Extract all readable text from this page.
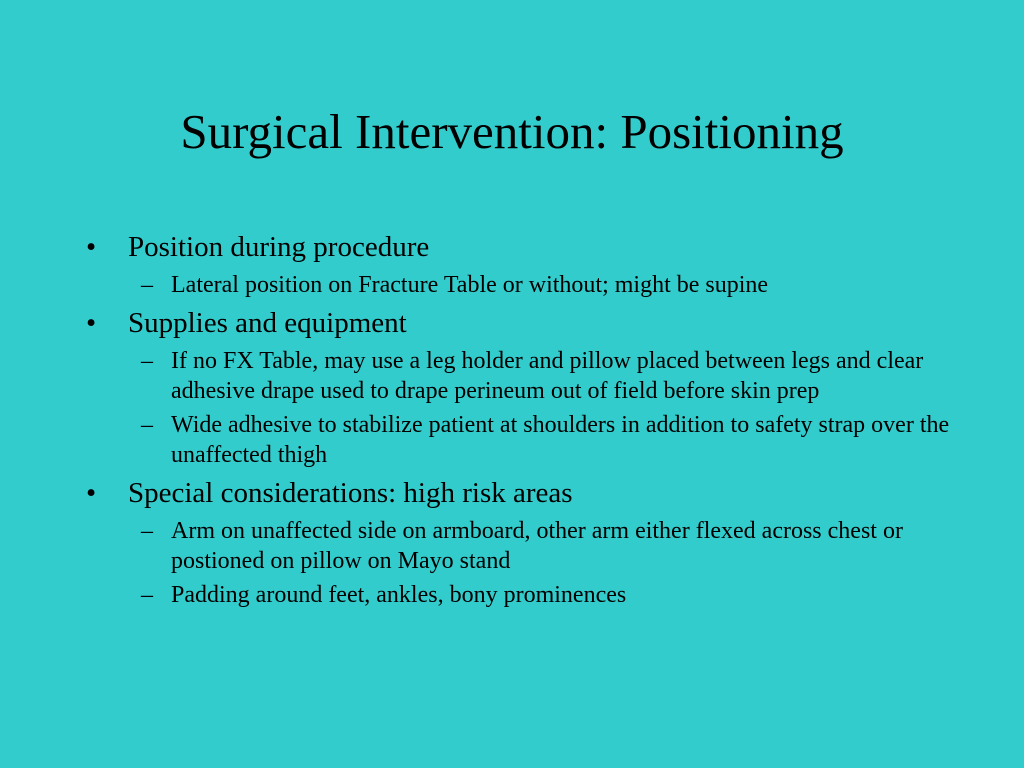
Surgical Intervention: Positioning
•	Position during procedure
– Lateral position on Fracture Table or without; might be supine
•	Supplies and equipment
– If no FX Table, may use a leg holder and pillow placed between legs and clear adhesive drape used to drape perineum out of field before skin prep
– Wide adhesive to stabilize patient at shoulders in addition to safety strap over the unaffected thigh
•	Special considerations: high risk areas
– Arm on unaffected side on armboard, other arm either flexed across chest or postioned on pillow on Mayo stand
– Padding around feet, ankles, bony prominences
